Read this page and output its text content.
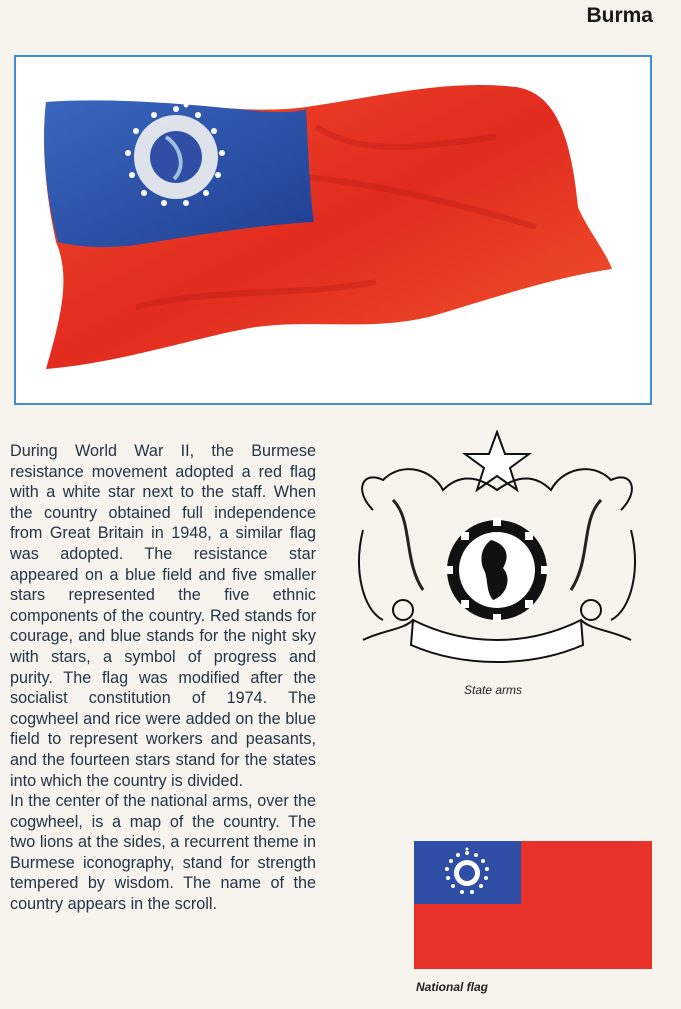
Burma

During World War II, the Burmese resistance movement adopted a red flag with a white star next to the staff. When the country obtained full independence from Great Britain in 1948, a similar flag was adopted. The resistance star appeared on a blue field and five smaller stars represented the five ethnic components of the country. Red stands for courage, and blue stands for the night sky with stars, a symbol of progress and purity. The flag was modified after the socialist constitution of 1974. The cogwheel and rice were added on the blue field to represent workers and peasants, and the fourteen stars stand for the states into which the country is divided.

In the center of the national arms, over the cogwheel, is a map of the country. The two lions at the sides, a recurrent theme in Burmese iconography, stand for strength tempered by wisdom. The name of the country appears in the scroll.

State arms
National flag
